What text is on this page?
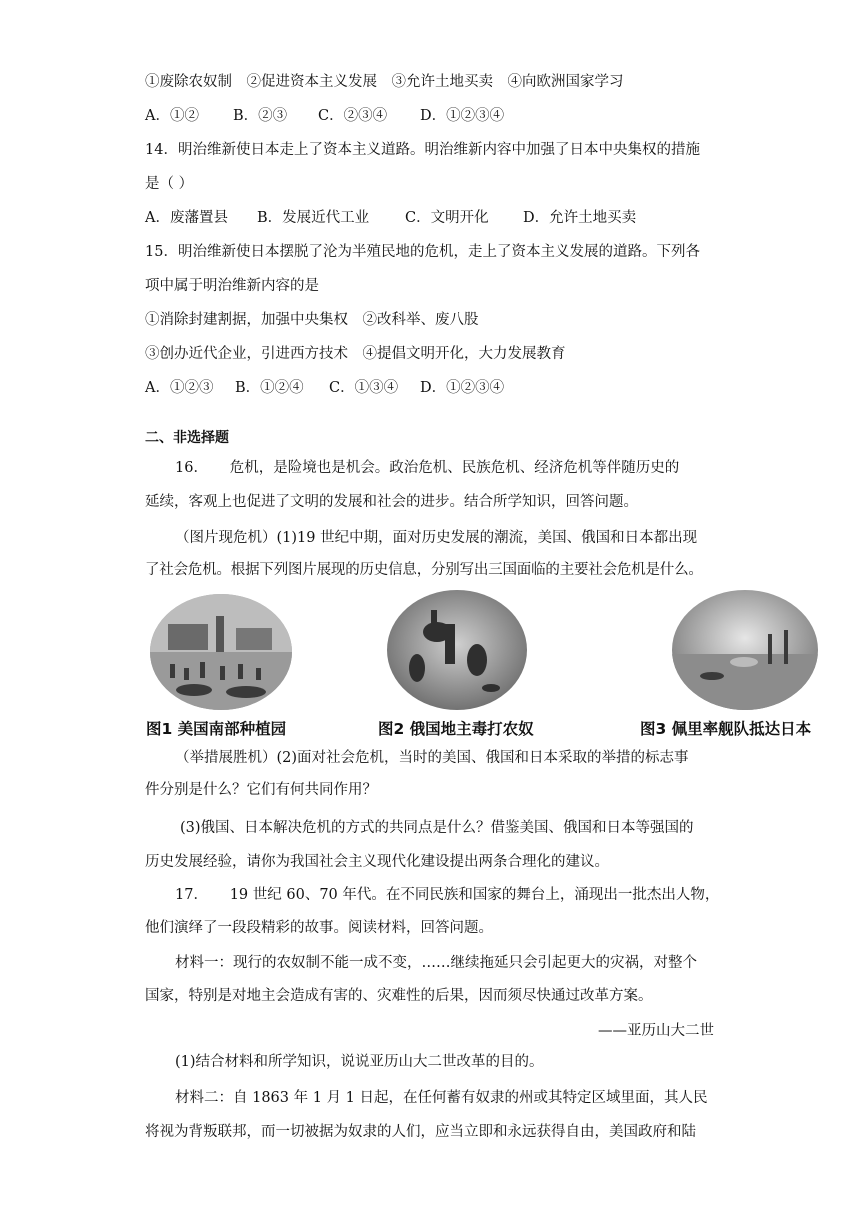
①废除农奴制　②促进资本主义发展　③允许土地买卖　④向欧洲国家学习
A．①② B．②③ C．②③④ D．①②③④
14．明治维新使日本走上了资本主义道路。明治维新内容中加强了日本中央集权的措施
是（ ）
A．废藩置县 B．发展近代工业 C．文明开化 D．允许土地买卖
15．明治维新使日本摆脱了沦为半殖民地的危机，走上了资本主义发展的道路。下列各
项中属于明治维新内容的是
①消除封建割据，加强中央集权　②改科举、废八股
③创办近代企业，引进西方技术　④提倡文明开化，大力发展教育
A．①②③ B．①②④ C．①③④ D．①②③④
二、非选择题
16．　　危机，是险境也是机会。政治危机、民族危机、经济危机等伴随历史的
延续，客观上也促进了文明的发展和社会的进步。结合所学知识，回答问题。
（图片现危机）(1)19 世纪中期，面对历史发展的潮流，美国、俄国和日本都出现
了社会危机。根据下列图片展现的历史信息，分别写出三国面临的主要社会危机是什么。
图1 美国南部种植园	图2 俄国地主毒打农奴	图3 佩里率舰队抵达日本
（举措展胜机）(2)面对社会危机，当时的美国、俄国和日本采取的举措的标志事
件分别是什么？它们有何共同作用？
(3)俄国、日本解决危机的方式的共同点是什么？借鉴美国、俄国和日本等强国的
历史发展经验，请你为我国社会主义现代化建设提出两条合理化的建议。
17．　　19 世纪 60、70 年代。在不同民族和国家的舞台上，涌现出一批杰出人物，
他们演绎了一段段精彩的故事。阅读材料，回答问题。
材料一：现行的农奴制不能一成不变，……继续拖延只会引起更大的灾祸，对整个
国家，特别是对地主会造成有害的、灾难性的后果，因而须尽快通过改革方案。
——亚历山大二世
(1)结合材料和所学知识，说说亚历山大二世改革的目的。
材料二：自 1863 年 1 月 1 日起，在任何蓄有奴隶的州或其特定区域里面，其人民
将视为背叛联邦，而一切被据为奴隶的人们，应当立即和永远获得自由，美国政府和陆
